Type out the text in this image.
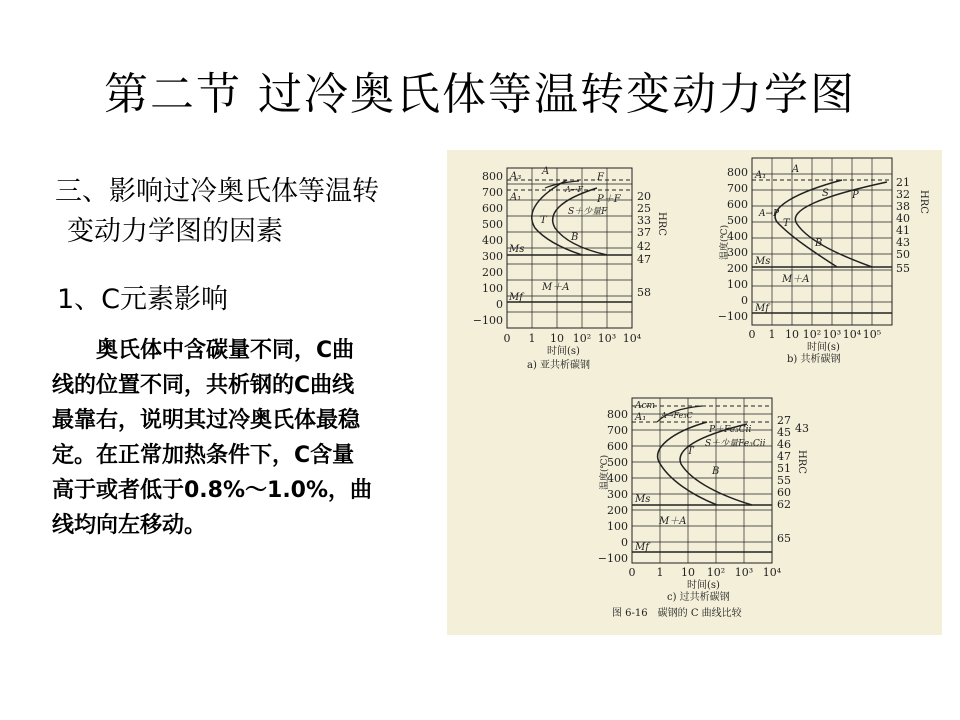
第二节 过冷奥氏体等温转变动力学图
三、影响过冷奥氏体等温转
变动力学图的因素
1、C元素影响
奥氏体中含碳量不同，C曲
线的位置不同，共析钢的C曲线
最靠右，说明其过冷奥氏体最稳
定。在正常加热条件下，C含量
高于或者低于0.8%～1.0%，曲
线均向左移动。
800
700
600
500
400
300
200
100
0
−100
0 1 10 10² 10³ 10⁴
A₃
A₁
A
A→F
F
P＋F
S＋少量F
T
B
Ms
M＋A
Mf
20
25
33
37
42
47
58
HRC
时间(s)
a) 亚共析碳钢
800
700
600
500
400
300
200
100
0
−100
0 1 10 10² 10³ 10⁴ 10⁵
A₁
A
S P
A→P
T
B
Ms
M＋A
Mf
21
32
38
40
41
43
50
55
HRC
温度(℃)
时间(s)
b) 共析碳钢
800
700
600
500
400
300
200
100
0
−100
0 1 10 10² 10³ 10⁴
Acm
A₁ A→Fe₃C
P＋Fe₃Cⅱ
S＋少量Fe₃Cⅱ
T
B
Ms
M＋A
Mf
27
43
45
46
47
51
55
60
62
65
HRC
温度(℃)
时间(s)
c) 过共析碳钢
图 6-16　碳钢的 C 曲线比较
